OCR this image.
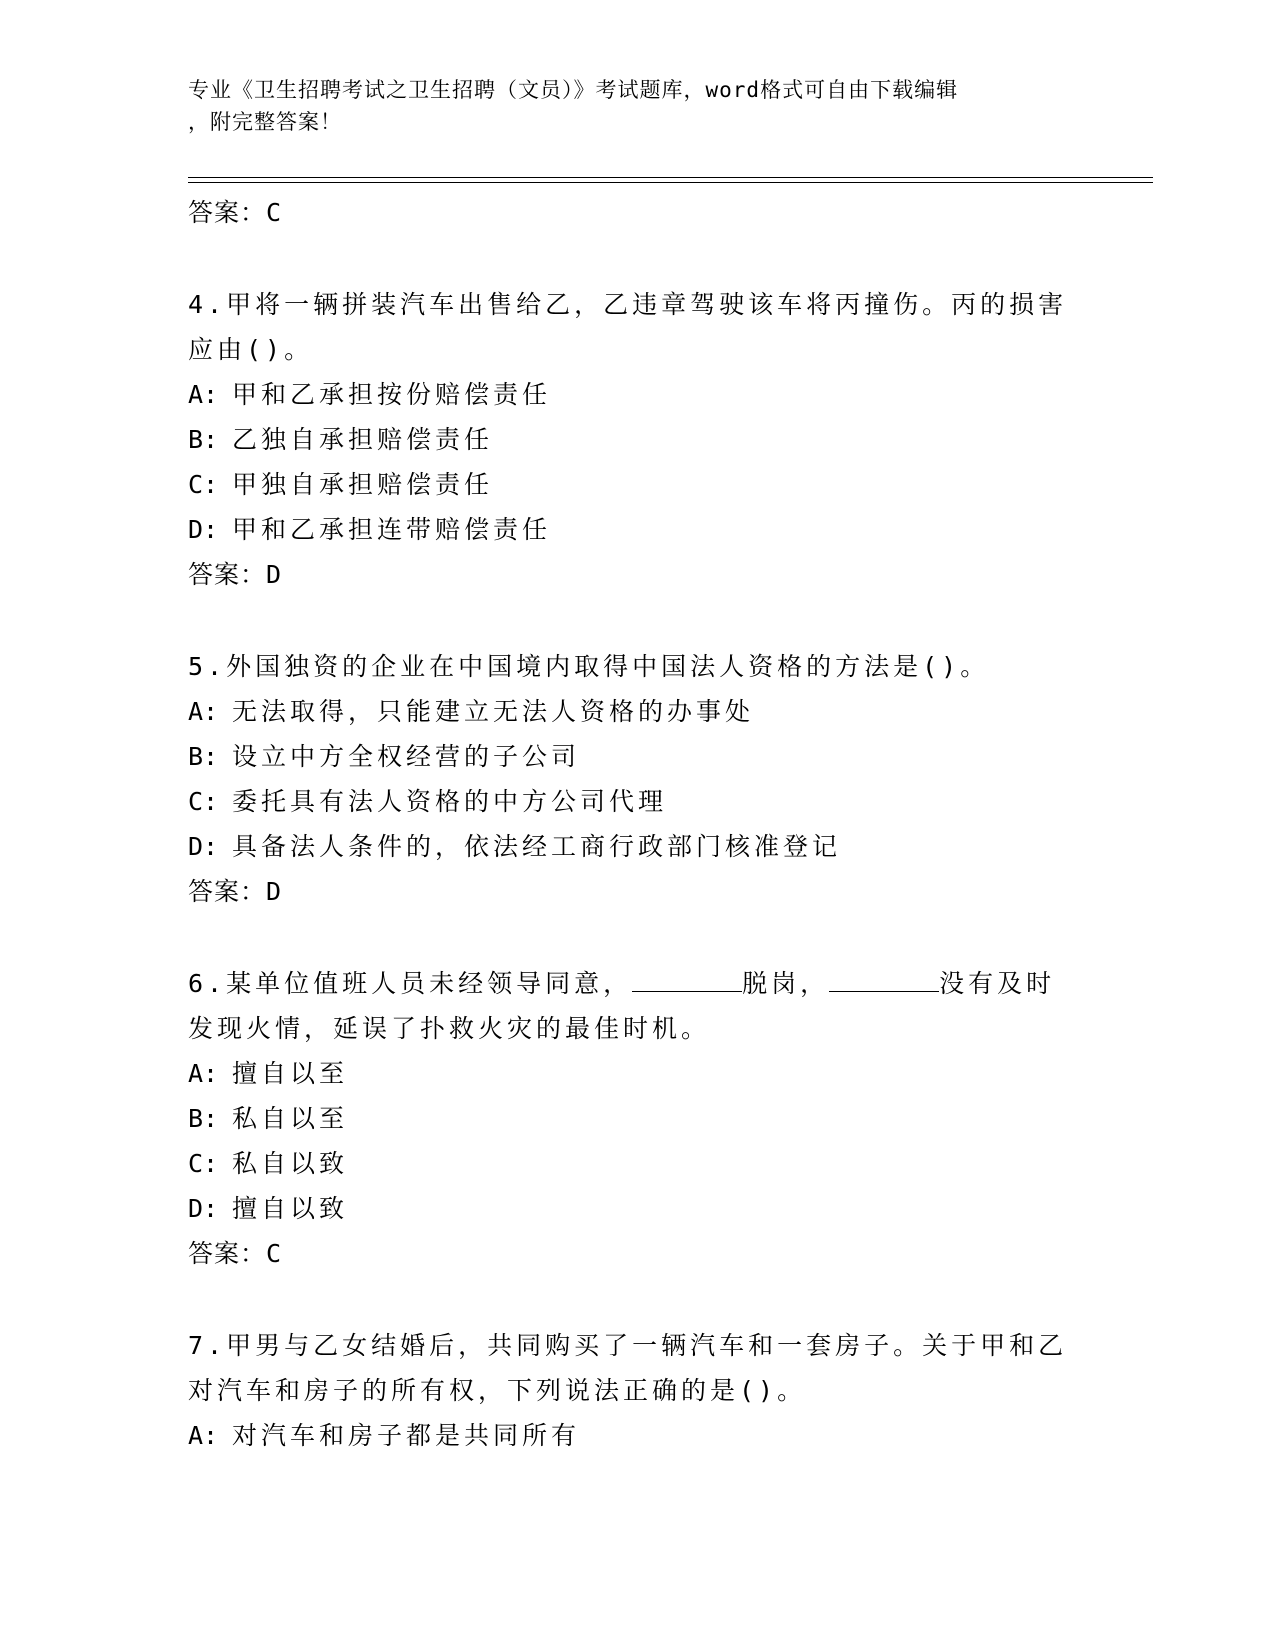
专业《卫生招聘考试之卫生招聘（文员）》考试题库，word格式可自由下载编辑
，附完整答案！
答案：C
4.甲将一辆拼装汽车出售给乙，乙违章驾驶该车将丙撞伤。丙的损害
应由()。
A: 甲和乙承担按份赔偿责任
B: 乙独自承担赔偿责任
C: 甲独自承担赔偿责任
D: 甲和乙承担连带赔偿责任
答案：D
5.外国独资的企业在中国境内取得中国法人资格的方法是()。
A: 无法取得，只能建立无法人资格的办事处
B: 设立中方全权经营的子公司
C: 委托具有法人资格的中方公司代理
D: 具备法人条件的，依法经工商行政部门核准登记
答案：D
6.某单位值班人员未经领导同意，	脱岗，	没有及时
发现火情，延误了扑救火灾的最佳时机。
A: 擅自以至
B: 私自以至
C: 私自以致
D: 擅自以致
答案：C
7.甲男与乙女结婚后，共同购买了一辆汽车和一套房子。关于甲和乙
对汽车和房子的所有权，下列说法正确的是()。
A: 对汽车和房子都是共同所有
